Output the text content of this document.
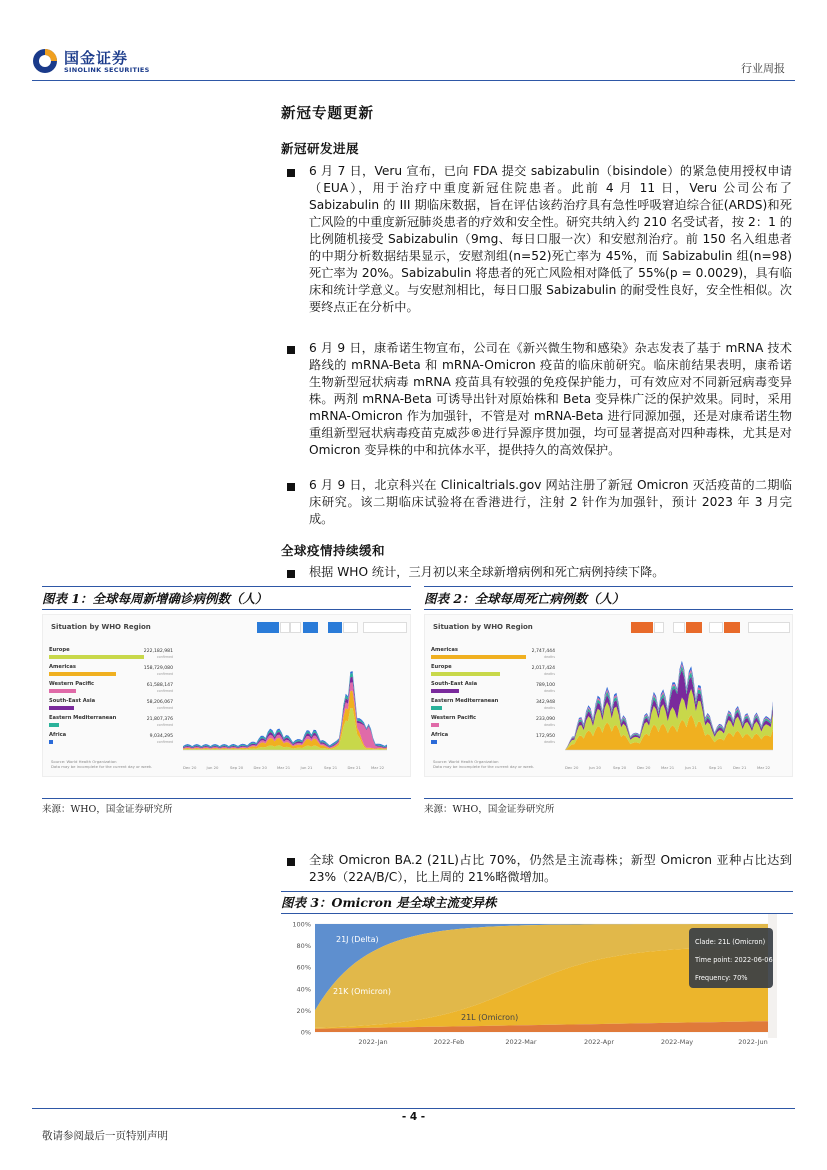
国金证券
SINOLINK SECURITIES	行业周报
新冠专题更新
新冠研发进展
6 月 7 日，Veru 宣布，已向 FDA 提交 sabizabulin（bisindole）的紧急使用授权申请（EUA），用于治疗中重度新冠住院患者。此前 4 月 11 日，Veru 公司公布了 Sabizabulin 的 III 期临床数据，旨在评估该药治疗具有急性呼吸窘迫综合征(ARDS)和死亡风险的中重度新冠肺炎患者的疗效和安全性。研究共纳入约 210 名受试者，按 2：1 的比例随机接受 Sabizabulin（9mg、每日口服一次）和安慰剂治疗。前 150 名入组患者的中期分析数据结果显示，安慰剂组(n=52)死亡率为 45%，而 Sabizabulin 组(n=98)死亡率为 20%。Sabizabulin 将患者的死亡风险相对降低了 55%(p = 0.0029)，具有临床和统计学意义。与安慰剂相比，每日口服 Sabizabulin 的耐受性良好，安全性相似。次要终点正在分析中。
6 月 9 日，康希诺生物宣布，公司在《新兴微生物和感染》杂志发表了基于 mRNA 技术路线的 mRNA-Beta 和 mRNA-Omicron 疫苗的临床前研究。临床前结果表明，康希诺生物新型冠状病毒 mRNA 疫苗具有较强的免疫保护能力，可有效应对不同新冠病毒变异株。两剂 mRNA-Beta 可诱导出针对原始株和 Beta 变异株广泛的保护效果。同时，采用 mRNA-Omicron 作为加强针，不管是对 mRNA-Beta 进行同源加强，还是对康希诺生物重组新型冠状病毒疫苗克威莎®进行异源序贯加强，均可显著提高对四种毒株，尤其是对 Omicron 变异株的中和抗体水平，提供持久的高效保护。
6 月 9 日，北京科兴在 Clinicaltrials.gov 网站注册了新冠 Omicron 灭活疫苗的二期临床研究。该二期临床试验将在香港进行，注射 2 针作为加强针，预计 2023 年 3 月完成。
全球疫情持续缓和
根据 WHO 统计，三月初以来全球新增病例和死亡病例持续下降。
图表 1：全球每周新增确诊病例数（人）	图表 2：全球每周死亡病例数（人）
Situation by WHO Region
Europe	222,182,981
confirmed
Americas	158,729,080
confirmed
Western Pacific	61,588,147
confirmed
South-East Asia	58,206,067
confirmed
Eastern Mediterranean	21,807,376
confirmed
Africa	9,034,295
confirmed
Source: World Health Organization
Data may be incomplete for the current day or week.	Dec 20	Jun 20	Sep 20	Dec 20	Mar 21	Jun 21	Sep 21	Dec 21	Mar 22
Situation by WHO Region
Americas	2,747,444
deaths
Europe	2,017,424
deaths
South-East Asia	789,100
deaths
Eastern Mediterranean	342,948
deaths
Western Pacific	233,090
deaths
Africa	172,950
deaths
Source: World Health Organization
Data may be incomplete for the current day or week.	Dec 20	Jun 20	Sep 20	Dec 20	Mar 21	Jun 21	Sep 21	Dec 21	Mar 22
来源：WHO，国金证券研究所	来源：WHO，国金证券研究所
全球 Omicron BA.2 (21L)占比 70%，仍然是主流毒株；新型 Omicron 亚种占比达到 23%（22A/B/C），比上周的 21%略微增加。
图表 3：Omicron 是全球主流变异株
100%
80%
60%
40%
20%
0%
2022-Jan	2022-Feb	2022-Mar	2022-Apr	2022-May	2022-Jun
21J (Delta)
21K (Omicron)
21L (Omicron)
Clade: 21L (Omicron)
Time point: 2022-06-06
Frequency: 70%
- 4 -
敬请参阅最后一页特别声明
